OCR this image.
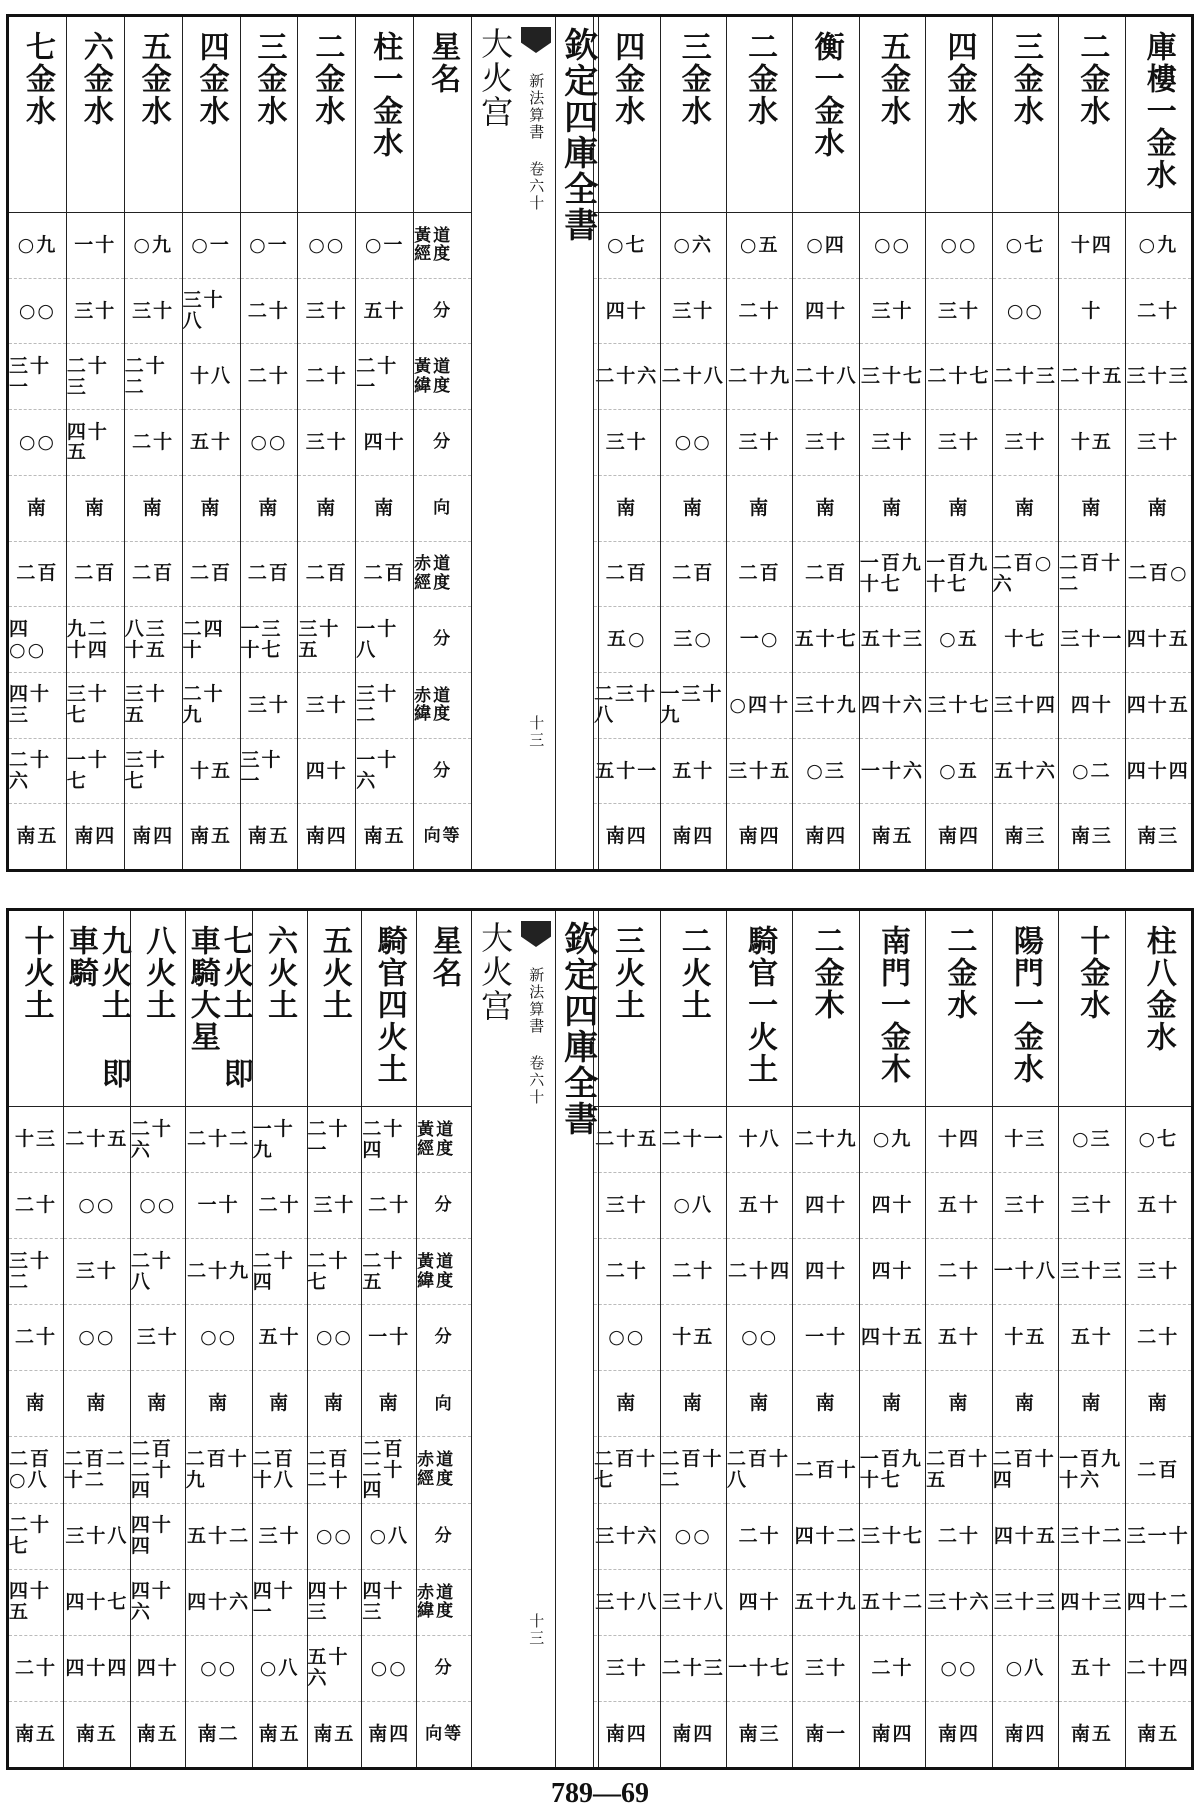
庫樓一金水
○九
二十
三十三
三十
南
二百○
四十五
四十五
四十四
南三
二金水
十四
十
二十五
十五
南
二百十二
三十一
四十
○二
南三
三金水
○七
○○
二十三
三十
南
二百○六
十七
三十四
五十六
南三
四金水
○○
三十
二十七
三十
南
一百九十七
○五
三十七
○五
南四
五金水
○○
三十
三十七
三十
南
一百九十七
五十三
四十六
一十六
南五
衡一金水
○四
四十
二十八
三十
南
二百
五十七
三十九
○三
南四
二金水
○五
二十
二十九
三十
南
二百
一○
○四十
三十五
南四
三金水
○六
三十
二十八
○○
南
二百
三○
一三十九
五十
南四
四金水
○七
四十
二十六
三十
南
二百
五○
二三十八
五十一
南四
欽定四庫全書
新法算書 卷六十
十三
大火宫
星名
黃道經度
分
黃道緯度
分
向
赤道經度
分
赤道緯度
分
向等
柱一金水
○一
五十
二十一
四十
南
二百
一十八
三十二
一十六
南五
二金水
○○
三十
二十
三十
南
二百
三十五
三十
四十
南四
三金水
○一
二十
二十
○○
南
二百
一三十七
三十
三十一
南五
四金水
○一
三十八
十八
五十
南
二百
二四十
二十九
十五
南五
五金水
○九
三十
二十二
二十
南
二百
八三十五
三十五
三十七
南四
六金水
一十
三十
二十三
四十五
南
二百
九二十四
三十七
一十七
南四
七金水
○九
○○
三十一
○○
南
二百
四○○
四十三
二十六
南五
柱八金水
○七
五十
三十
二十
南
二百
三一十
四十二
二十四
南五
十金水
○三
三十
三十三
五十
南
一百九十六
三十二
四十三
五十
南五
陽門一金水
十三
三十
一十八
十五
南
二百十四
四十五
三十三
○八
南四
二金水
十四
五十
二十
五十
南
二百十五
二十
三十六
○○
南四
南門一金木
○九
四十
四十
四十五
南
一百九十七
三十七
五十二
二十
南四
二金木
二十九
四十
四十
一十
南
二百十
四十二
五十九
三十
南一
騎官一火土
十八
五十
二十四
○○
南
二百十八
二十
四十
一十七
南三
二火土
二十一
○八
二十
十五
南
二百十二
○○
三十八
二十三
南四
三火土
二十五
三十
二十
○○
南
二百十七
三十六
三十八
三十
南四
欽定四庫全書
新法算書 卷六十
十三
大火宫
星名
黃道經度
分
黃道緯度
分
向
赤道經度
分
赤道緯度
分
向等
騎官四火土
二十四
二十
二十五
一十
南
二百二十四
○八
四十三
○○
南四
五火土
二十一
三十
二十七
○○
南
二百二十
○○
四十三
五十六
南五
六火土
一十九
二十
二十四
五十
南
二百十八
三十
四十一
○八
南五
七火土 即車騎大星
二十二
一十
二十九
○○
南
二百十九
五十二
四十六
○○
南二
八火土
二十六
○○
二十八
三十
南
二百二十四
四十四
四十六
四十
南五
九火土 即車騎
二十五
○○
三十
○○
南
二百二十二
三十八
四十七
四十四
南五
十火土
十三
二十
三十二
二十
南
二百○八
二十七
四十五
二十
南五
789—69
